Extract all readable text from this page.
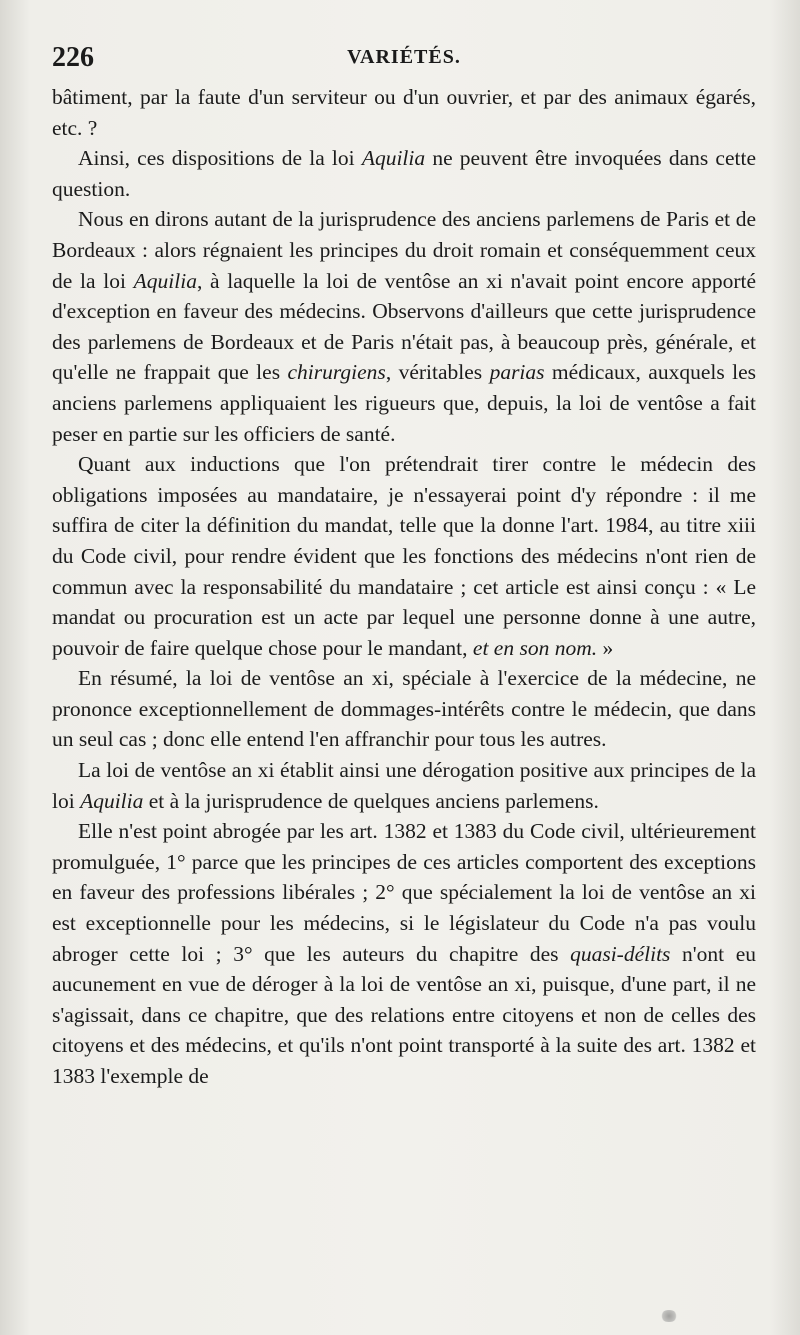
226	VARIÉTÉS.

bâtiment, par la faute d'un serviteur ou d'un ouvrier, et par des animaux égarés, etc. ?

Ainsi, ces dispositions de la loi Aquilia ne peuvent être invoquées dans cette question.

Nous en dirons autant de la jurisprudence des anciens parlemens de Paris et de Bordeaux : alors régnaient les principes du droit romain et conséquemment ceux de la loi Aquilia, à laquelle la loi de ventôse an xi n'avait point encore apporté d'exception en faveur des médecins. Observons d'ailleurs que cette jurisprudence des parlemens de Bordeaux et de Paris n'était pas, à beaucoup près, générale, et qu'elle ne frappait que les chirurgiens, véritables parias médicaux, auxquels les anciens parlemens appliquaient les rigueurs que, depuis, la loi de ventôse a fait peser en partie sur les officiers de santé.

Quant aux inductions que l'on prétendrait tirer contre le médecin des obligations imposées au mandataire, je n'essayerai point d'y répondre : il me suffira de citer la définition du mandat, telle que la donne l'art. 1984, au titre xiii du Code civil, pour rendre évident que les fonctions des médecins n'ont rien de commun avec la responsabilité du mandataire ; cet article est ainsi conçu : « Le mandat ou procuration est un acte par lequel une personne donne à une autre, pouvoir de faire quelque chose pour le mandant, et en son nom. »

En résumé, la loi de ventôse an xi, spéciale à l'exercice de la médecine, ne prononce exceptionnellement de dommages-intérêts contre le médecin, que dans un seul cas ; donc elle entend l'en affranchir pour tous les autres.

La loi de ventôse an xi établit ainsi une dérogation positive aux principes de la loi Aquilia et à la jurisprudence de quelques anciens parlemens.

Elle n'est point abrogée par les art. 1382 et 1383 du Code civil, ultérieurement promulguée, 1° parce que les principes de ces articles comportent des exceptions en faveur des professions libérales ; 2° que spécialement la loi de ventôse an xi est exceptionnelle pour les médecins, si le législateur du Code n'a pas voulu abroger cette loi ; 3° que les auteurs du chapitre des quasi-délits n'ont eu aucunement en vue de déroger à la loi de ventôse an xi, puisque, d'une part, il ne s'agissait, dans ce chapitre, que des relations entre citoyens et non de celles des citoyens et des médecins, et qu'ils n'ont point transporté à la suite des art. 1382 et 1383 l'exemple de
